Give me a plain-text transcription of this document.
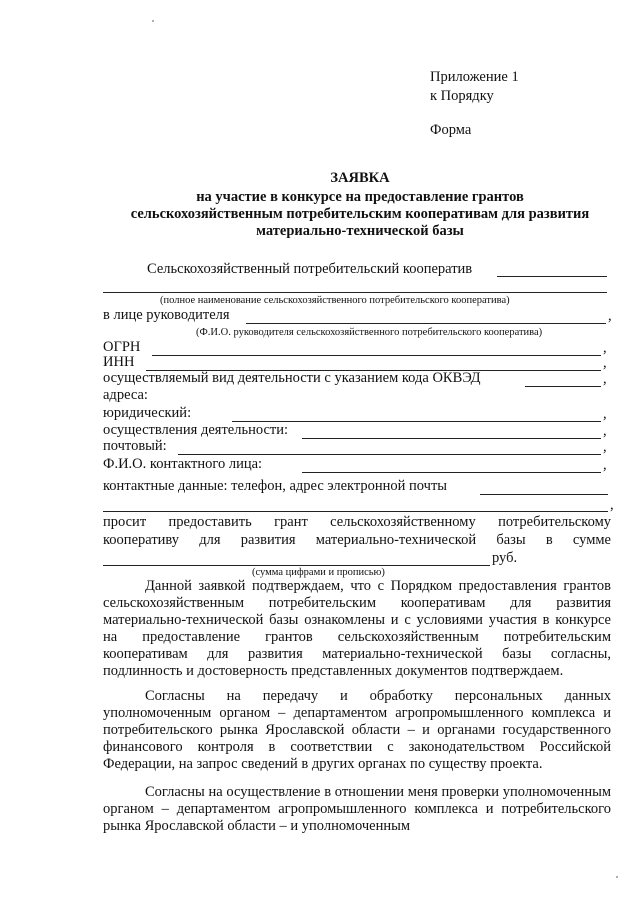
Приложение 1
к Порядку
Форма
ЗАЯВКА
на участие в конкурсе на предоставление грантов
сельскохозяйственным потребительским кооперативам для развития
материально-технической базы
Сельскохозяйственный потребительский кооператив
(полное наименование сельскохозяйственного потребительского кооператива)
в лице руководителя	,
(Ф.И.О. руководителя сельскохозяйственного потребительского кооператива)
ОГРН	,
ИНН	,
осуществляемый вид деятельности с указанием кода ОКВЭД	,
адреса:
юридический:	,
осуществления деятельности:	,
почтовый:	,
Ф.И.О. контактного лица:	,
контактные данные: телефон, адрес электронной почты
,
просит предоставить грант сельскохозяйственному потребительскому
кооперативу для развития материально-технической базы в сумме
руб.
(сумма цифрами и прописью)
Данной заявкой подтверждаем, что с Порядком предоставления грантов сельскохозяйственным потребительским кооперативам для развития материально-технической базы ознакомлены и с условиями участия в конкурсе на предоставление грантов сельскохозяйственным потребительским кооперативам для развития материально-технической базы согласны, подлинность и достоверность представленных документов подтверждаем.
Согласны на передачу и обработку персональных данных уполномоченным органом – департаментом агропромышленного комплекса и потребительского рынка Ярославской области – и органами государственного финансового контроля в соответствии с законодательством Российской Федерации, на запрос сведений в других органах по существу проекта.
Согласны на осуществление в отношении меня проверки уполномоченным органом – департаментом агропромышленного комплекса и потребительского рынка Ярославской области – и уполномоченным
